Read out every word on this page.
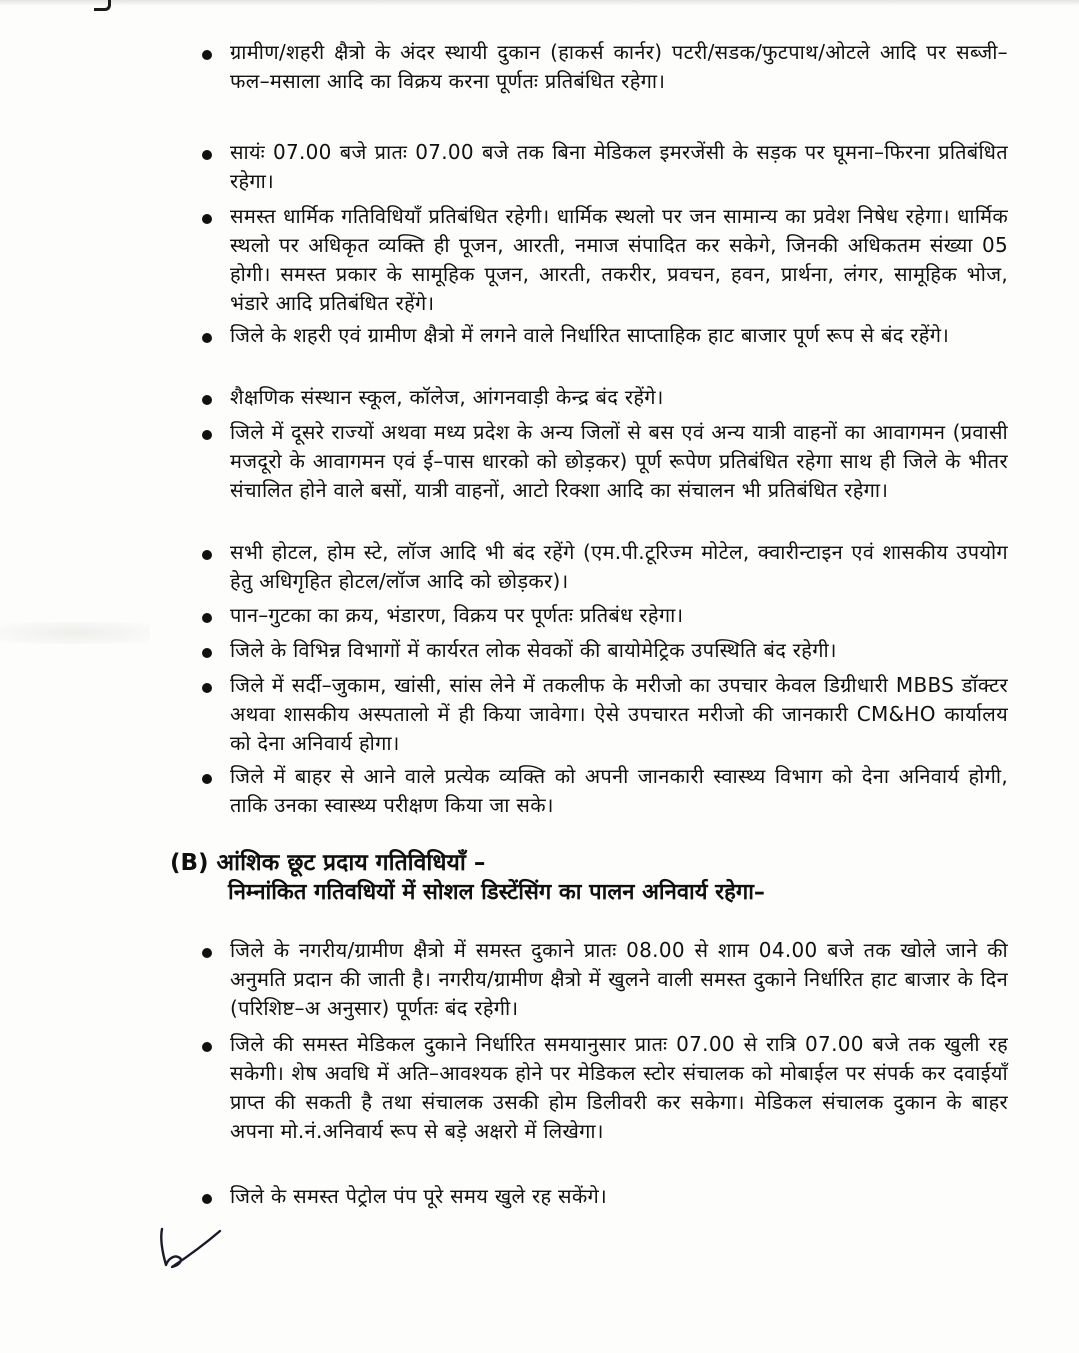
ग्रामीण/शहरी क्षैत्रो के अंदर स्थायी दुकान (हाकर्स कार्नर) पटरी/सडक/फुटपाथ/ओटले आदि पर सब्जी–फल–मसाला आदि का विक्रय करना पूर्णतः प्रतिबंधित रहेगा।
सायंः 07.00 बजे प्रातः 07.00 बजे तक बिना मेडिकल इमरजेंसी के सड़क पर घूमना–फिरना प्रतिबंधित रहेगा।
समस्त धार्मिक गतिविधियाँ प्रतिबंधित रहेगी। धार्मिक स्थलो पर जन सामान्य का प्रवेश निषेध रहेगा। धार्मिक स्थलो पर अधिकृत व्यक्ति ही पूजन, आरती, नमाज संपादित कर सकेगे, जिनकी अधिकतम संख्या 05 होगी। समस्त प्रकार के सामूहिक पूजन, आरती, तकरीर, प्रवचन, हवन, प्रार्थना, लंगर, सामूहिक भोज, भंडारे आदि प्रतिबंधित रहेंगे।
जिले के शहरी एवं ग्रामीण क्षैत्रो में लगने वाले निर्धारित साप्ताहिक हाट बाजार पूर्ण रूप से बंद रहेंगे।
शैक्षणिक संस्थान स्कूल, कॉलेज, आंगनवाड़ी केन्द्र बंद रहेंगे।
जिले में दूसरे राज्यों अथवा मध्य प्रदेश के अन्य जिलों से बस एवं अन्य यात्री वाहनों का आवागमन (प्रवासी मजदूरो के आवागमन एवं ई–पास धारको को छोड़कर) पूर्ण रूपेण प्रतिबंधित रहेगा साथ ही जिले के भीतर संचालित होने वाले बसों, यात्री वाहनों, आटो रिक्शा आदि का संचालन भी प्रतिबंधित रहेगा।
सभी होटल, होम स्टे, लॉज आदि भी बंद रहेंगे (एम.पी.टूरिज्म मोटेल, क्वारीन्टाइन एवं शासकीय उपयोग हेतु अधिगृहित होटल/लॉज आदि को छोड़कर)।
पान–गुटका का क्रय, भंडारण, विक्रय पर पूर्णतः प्रतिबंध रहेगा।
जिले के विभिन्न विभागों में कार्यरत लोक सेवकों की बायोमेट्रिक उपस्थिति बंद रहेगी।
जिले में सर्दी–जुकाम, खांसी, सांस लेने में तकलीफ के मरीजो का उपचार केवल डिग्रीधारी MBBS डॉक्टर अथवा शासकीय अस्पतालो में ही किया जावेगा। ऐसे उपचारत मरीजो की जानकारी CM&HO कार्यालय को देना अनिवार्य होगा।
जिले में बाहर से आने वाले प्रत्येक व्यक्ति को अपनी जानकारी स्वास्थ्य विभाग को देना अनिवार्य होगी, ताकि उनका स्वास्थ्य परीक्षण किया जा सके।
(B) आंशिक छूट प्रदाय गतिविधियाँ –
निम्नांकित गतिवधियों में सोशल डिस्टेंसिंग का पालन अनिवार्य रहेगा–
जिले के नगरीय/ग्रामीण क्षैत्रो में समस्त दुकाने प्रातः 08.00 से शाम 04.00 बजे तक खोले जाने की अनुमति प्रदान की जाती है। नगरीय/ग्रामीण क्षैत्रो में खुलने वाली समस्त दुकाने निर्धारित हाट बाजार के दिन (परिशिष्ट–अ अनुसार) पूर्णतः बंद रहेगी।
जिले की समस्त मेडिकल दुकाने निर्धारित समयानुसार प्रातः 07.00 से रात्रि 07.00 बजे तक खुली रह सकेगी। शेष अवधि में अति–आवश्यक होने पर मेडिकल स्टोर संचालक को मोबाईल पर संपर्क कर दवाईयाँ प्राप्त की सकती है तथा संचालक उसकी होम डिलीवरी कर सकेगा। मेडिकल संचालक दुकान के बाहर अपना मो.नं.अनिवार्य रूप से बड़े अक्षरो में लिखेगा।
जिले के समस्त पेट्रोल पंप पूरे समय खुले रह सकेंगे।
